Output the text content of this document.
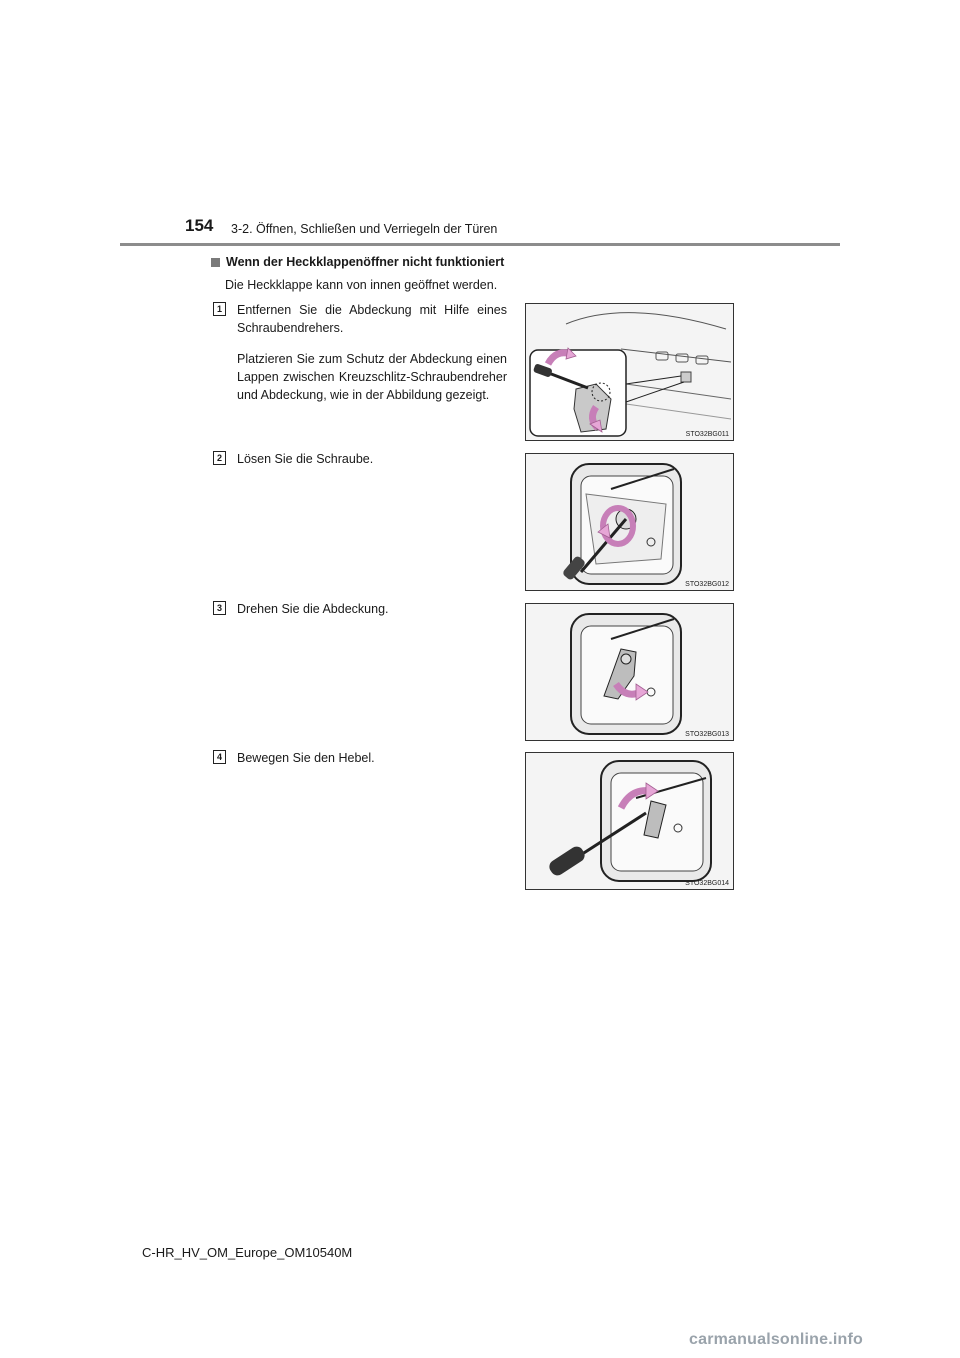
154 3-2. Öffnen, Schließen und Verriegeln der Türen
Wenn der Heckklappenöffner nicht funktioniert
Die Heckklappe kann von innen geöffnet werden.
1	Entfernen Sie die Abdeckung mit Hilfe eines Schraubendrehers.

Platzieren Sie zum Schutz der Abdeckung einen Lappen zwischen Kreuzschlitz-Schraubendreher und Abdeckung, wie in der Abbildung gezeigt.

STO32BG011
2	Lösen Sie die Schraube.

STO32BG012
3	Drehen Sie die Abdeckung.

STO32BG013
4	Bewegen Sie den Hebel.

STO32BG014
C-HR_HV_OM_Europe_OM10540M
carmanualsonline.info
